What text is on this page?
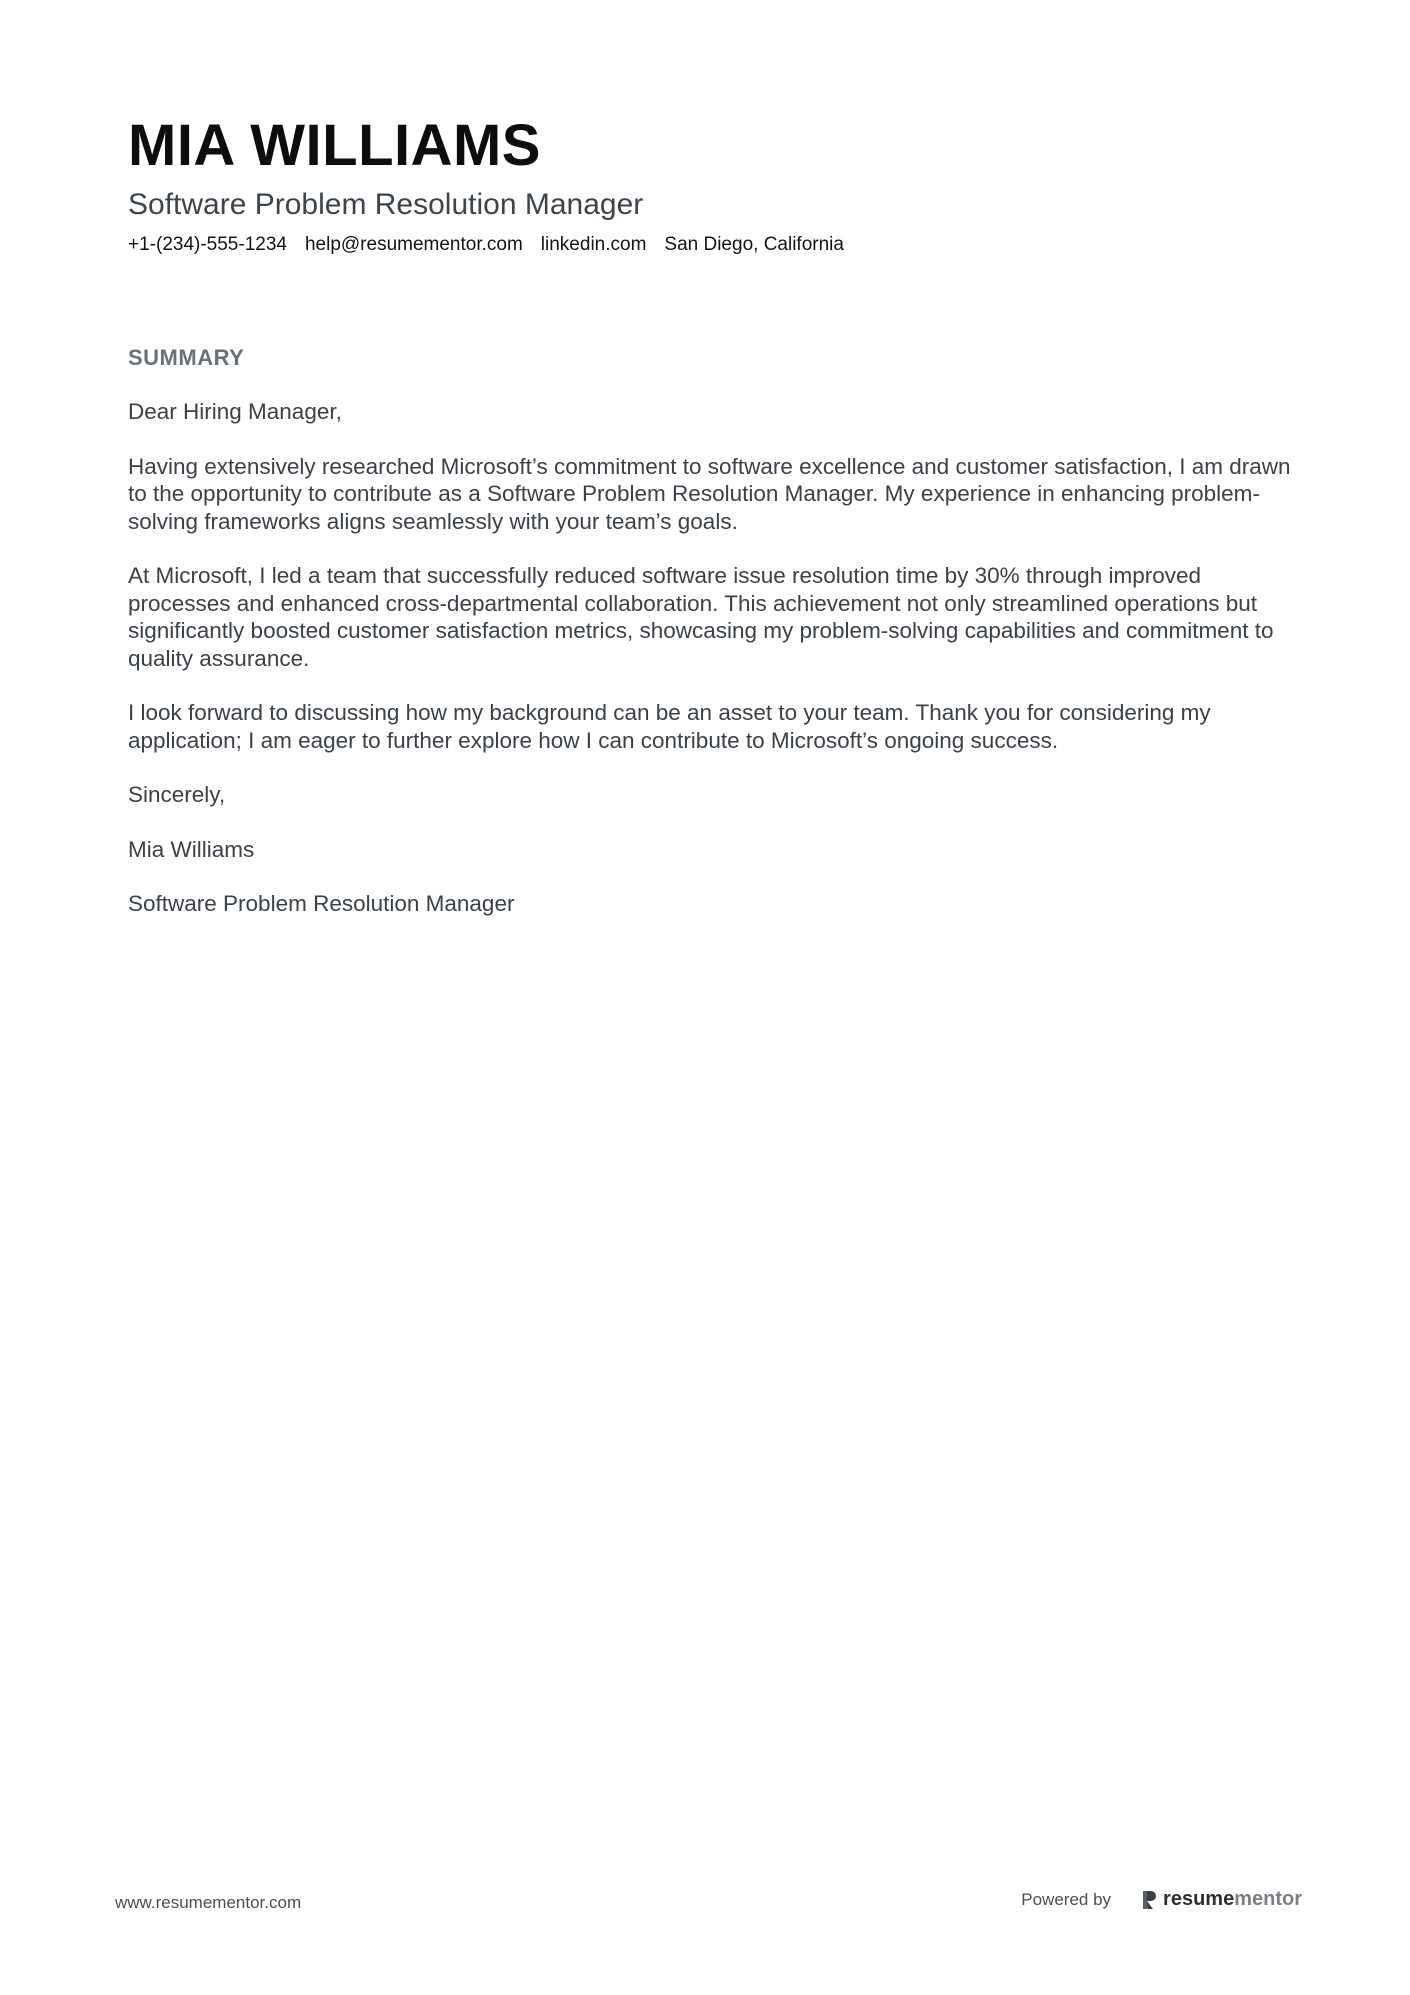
MIA WILLIAMS
Software Problem Resolution Manager
+1-(234)-555-1234 help@resumementor.com linkedin.com San Diego, California
SUMMARY

Dear Hiring Manager,

Having extensively researched Microsoft’s commitment to software excellence and customer satisfaction, I am drawn to the opportunity to contribute as a Software Problem Resolution Manager. My experience in enhancing problem-solving frameworks aligns seamlessly with your team’s goals.

At Microsoft, I led a team that successfully reduced software issue resolution time by 30% through improved processes and enhanced cross-departmental collaboration. This achievement not only streamlined operations but significantly boosted customer satisfaction metrics, showcasing my problem-solving capabilities and commitment to quality assurance.

I look forward to discussing how my background can be an asset to your team. Thank you for considering my application; I am eager to further explore how I can contribute to Microsoft’s ongoing success.

Sincerely,

Mia Williams

Software Problem Resolution Manager

www.resumementor.com	Powered by	resumementor
